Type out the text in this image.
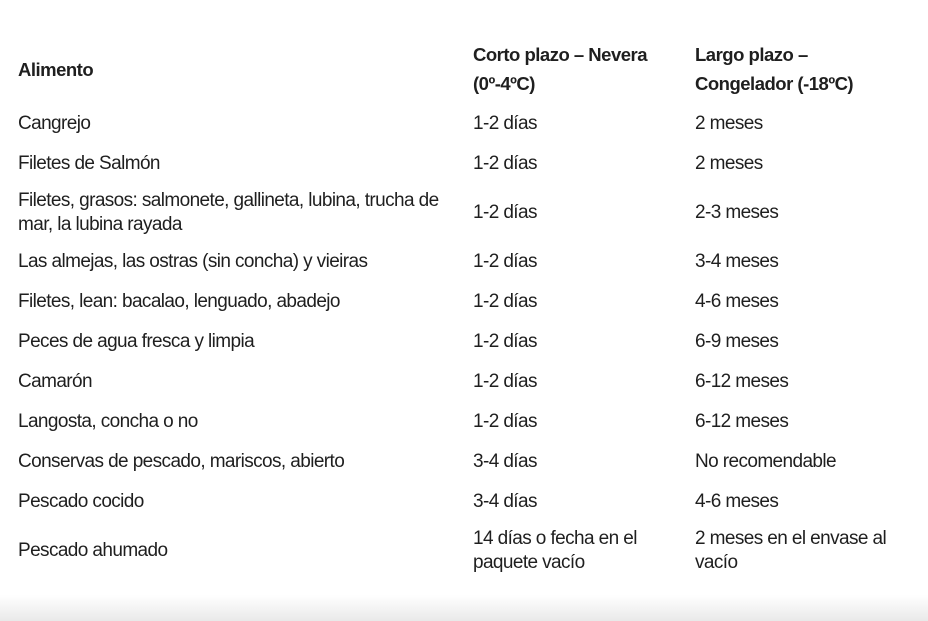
Alimento	Corto plazo – Nevera (0º-4ºC)	Largo plazo – Congelador (-18ºC)
Cangrejo	1-2 días	2 meses
Filetes de Salmón	1-2 días	2 meses
Filetes, grasos: salmonete, gallineta, lubina, trucha de mar, la lubina rayada	1-2 días	2-3 meses
Las almejas, las ostras (sin concha) y vieiras	1-2 días	3-4 meses
Filetes, lean: bacalao, lenguado, abadejo	1-2 días	4-6 meses
Peces de agua fresca y limpia	1-2 días	6-9 meses
Camarón	1-2 días	6-12 meses
Langosta, concha o no	1-2 días	6-12 meses
Conservas de pescado, mariscos, abierto	3-4 días	No recomendable
Pescado cocido	3-4 días	4-6 meses
Pescado ahumado	14 días o fecha en el paquete vacío	2 meses en el envase al vacío
